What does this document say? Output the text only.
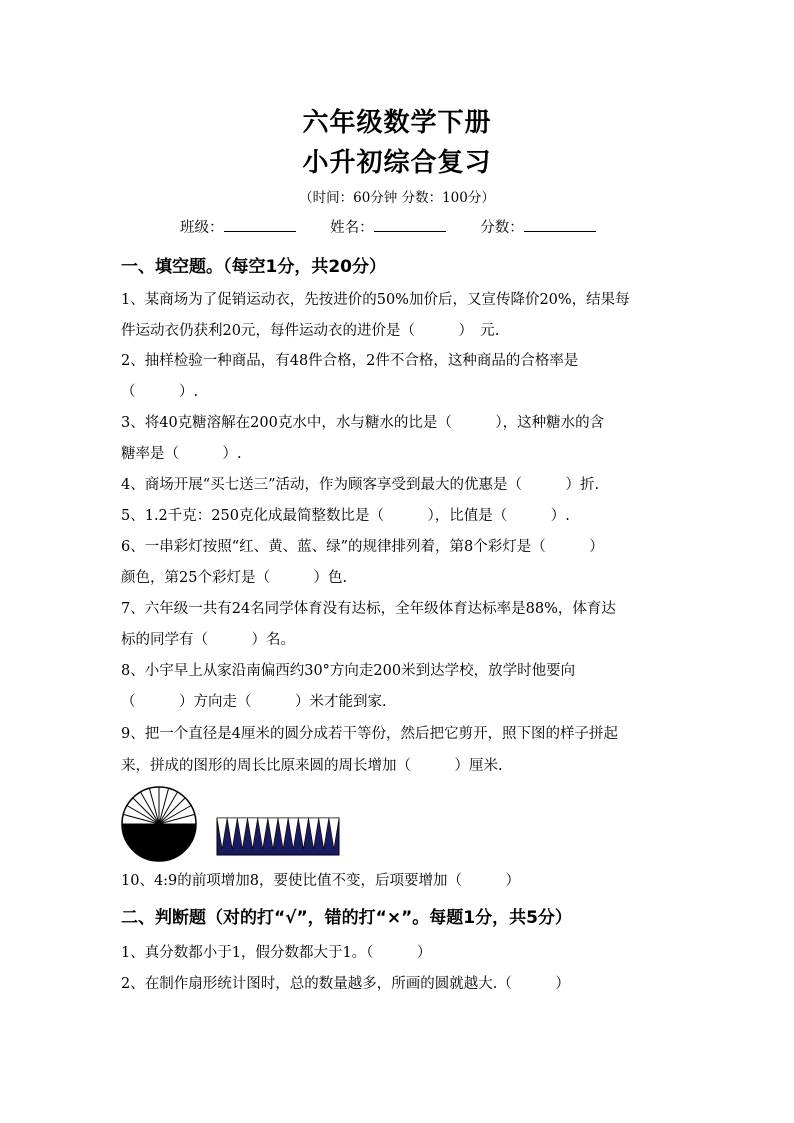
六年级数学下册
小升初综合复习
（时间：60分钟 分数：100分）
班级：	姓名：	分数：
一、填空题。（每空1分，共20分）
1、某商场为了促销运动衣，先按进价的50%加价后，又宣传降价20%，结果每
件运动衣仍获利20元，每件运动衣的进价是（　　　）　元.
2、抽样检验一种商品，有48件合格，2件不合格，这种商品的合格率是
（　　　）.
3、将40克糖溶解在200克水中，水与糖水的比是（　　　），这种糖水的含
糖率是（　　　）.
4、商场开展“买七送三”活动，作为顾客享受到最大的优惠是（　　　）折.
5、1.2千克：250克化成最简整数比是（　　　），比值是（　　　）.
6、一串彩灯按照“红、黄、蓝、绿”的规律排列着，第8个彩灯是（　　　）
颜色，第25个彩灯是（　　　）色.
7、六年级一共有24名同学体育没有达标，全年级体育达标率是88%，体育达
标的同学有（　　　）名。
8、小宇早上从家沿南偏西约30°方向走200米到达学校，放学时他要向
（　　　）方向走（　　　）米才能到家.
9、把一个直径是4厘米的圆分成若干等份，然后把它剪开，照下图的样子拼起
来，拼成的图形的周长比原来圆的周长增加（　　　）厘米.
10、4:9的前项增加8，要使比值不变，后项要增加（　　　）
二、判断题（对的打“√”，错的打“×”。每题1分，共5分）
1、真分数都小于1，假分数都大于1。（　　　）
2、在制作扇形统计图时，总的数量越多，所画的圆就越大.（　　　）
